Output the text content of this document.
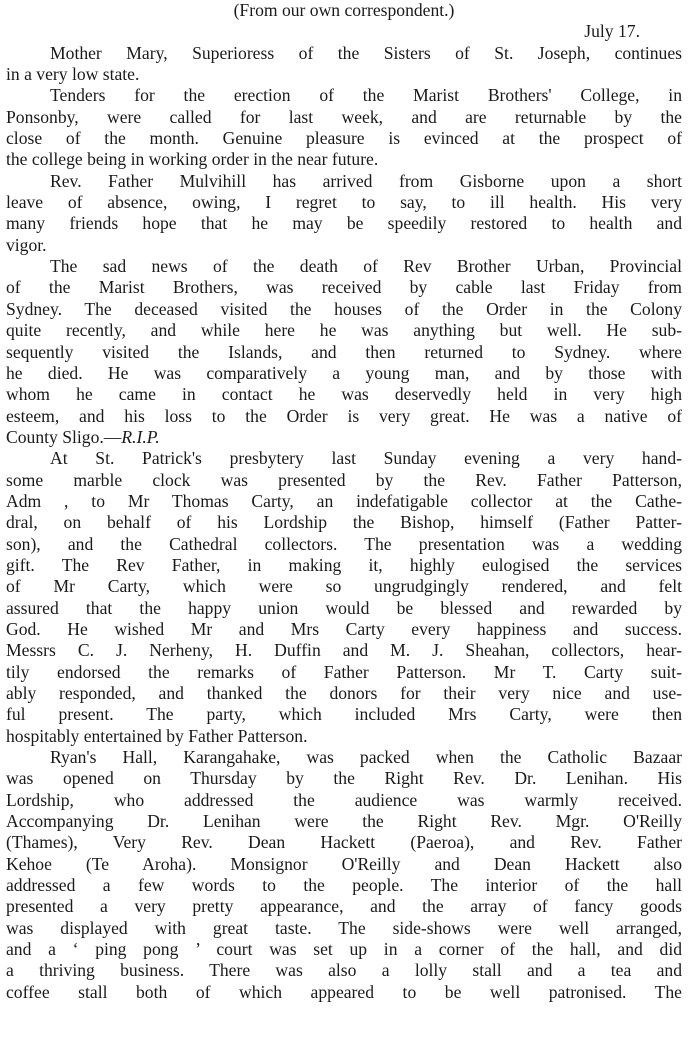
(From our own correspondent.)
July 17.
Mother Mary, Superioress of the Sisters of St. Joseph, continues
in a very low state.
Tenders for the erection of the Marist Brothers' College, in
Ponsonby, were called for last week, and are returnable by the
close of the month. Genuine pleasure is evinced at the prospect of
the college being in working order in the near future.
Rev. Father Mulvihill has arrived from Gisborne upon a short
leave of absence, owing, I regret to say, to ill health. His very
many friends hope that he may be speedily restored to health and
vigor.
The sad news of the death of Rev Brother Urban, Provincial
of the Marist Brothers, was received by cable last Friday from
Sydney. The deceased visited the houses of the Order in the Colony
quite recently, and while here he was anything but well. He sub-
sequently visited the Islands, and then returned to Sydney. where
he died. He was comparatively a young man, and by those with
whom he came in contact he was deservedly held in very high
esteem, and his loss to the Order is very great. He was a native of
County Sligo.—R.I.P.
At St. Patrick's presbytery last Sunday evening a very hand-
some marble clock was presented by the Rev. Father Patterson,
Adm , to Mr Thomas Carty, an indefatigable collector at the Cathe-
dral, on behalf of his Lordship the Bishop, himself (Father Patter-
son), and the Cathedral collectors. The presentation was a wedding
gift. The Rev Father, in making it, highly eulogised the services
of Mr Carty, which were so ungrudgingly rendered, and felt
assured that the happy union would be blessed and rewarded by
God. He wished Mr and Mrs Carty every happiness and success.
Messrs C. J. Nerheny, H. Duffin and M. J. Sheahan, collectors, hear-
tily endorsed the remarks of Father Patterson. Mr T. Carty suit-
ably responded, and thanked the donors for their very nice and use-
ful present. The party, which included Mrs Carty, were then
hospitably entertained by Father Patterson.
Ryan's Hall, Karangahake, was packed when the Catholic Bazaar
was opened on Thursday by the Right Rev. Dr. Lenihan. His
Lordship, who addressed the audience was warmly received.
Accompanying Dr. Lenihan were the Right Rev. Mgr. O'Reilly
(Thames), Very Rev. Dean Hackett (Paeroa), and Rev. Father
Kehoe (Te Aroha). Monsignor O'Reilly and Dean Hackett also
addressed a few words to the people. The interior of the hall
presented a very pretty appearance, and the array of fancy goods
was displayed with great taste. The side-shows were well arranged,
and a ‘ ping pong ’ court was set up in a corner of the hall, and did
a thriving business. There was also a lolly stall and a tea and
coffee stall both of which appeared to be well patronised. The
